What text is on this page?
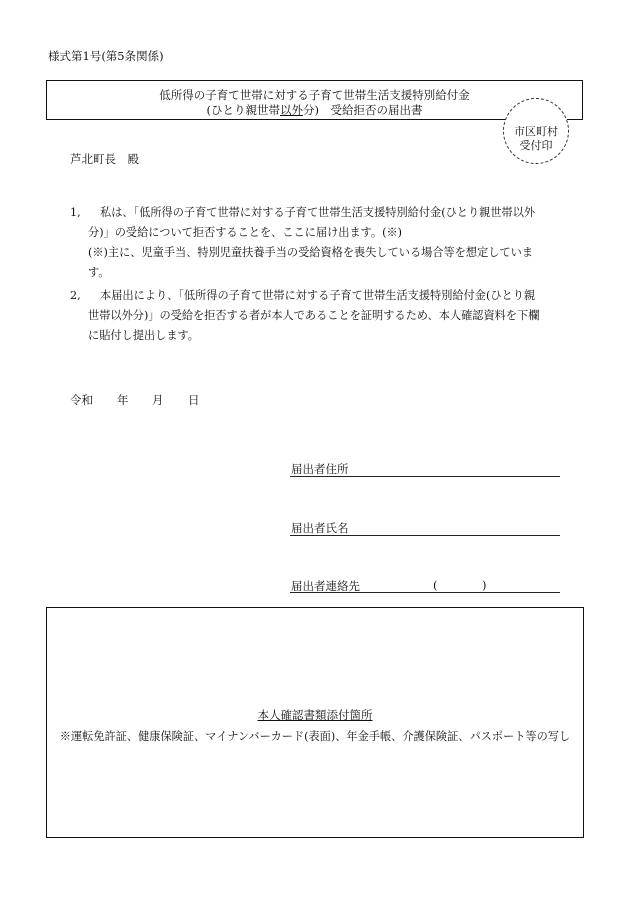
様式第1号(第5条関係)
低所得の子育て世帯に対する子育て世帯生活支援特別給付金
(ひとり親世帯以外分)　受給拒否の届出書
市区町村
受付印
芦北町長　殿
1, 私は、「低所得の子育て世帯に対する子育て世帯生活支援特別給付金(ひとり親世帯以外
分)」の受給について拒否することを、ここに届け出ます。(※)
(※)主に、児童手当、特別児童扶養手当の受給資格を喪失している場合等を想定していま
す。
2, 本届出により、「低所得の子育て世帯に対する子育て世帯生活支援特別給付金(ひとり親
世帯以外分)」の受給を拒否する者が本人であることを証明するため、本人確認資料を下欄
に貼付し提出します。
令和 年 月 日
届出者住所
届出者氏名
届出者連絡先	(	)
本人確認書類添付箇所
※運転免許証、健康保険証、マイナンバーカード(表面)、年金手帳、介護保険証、パスポート等の写し
